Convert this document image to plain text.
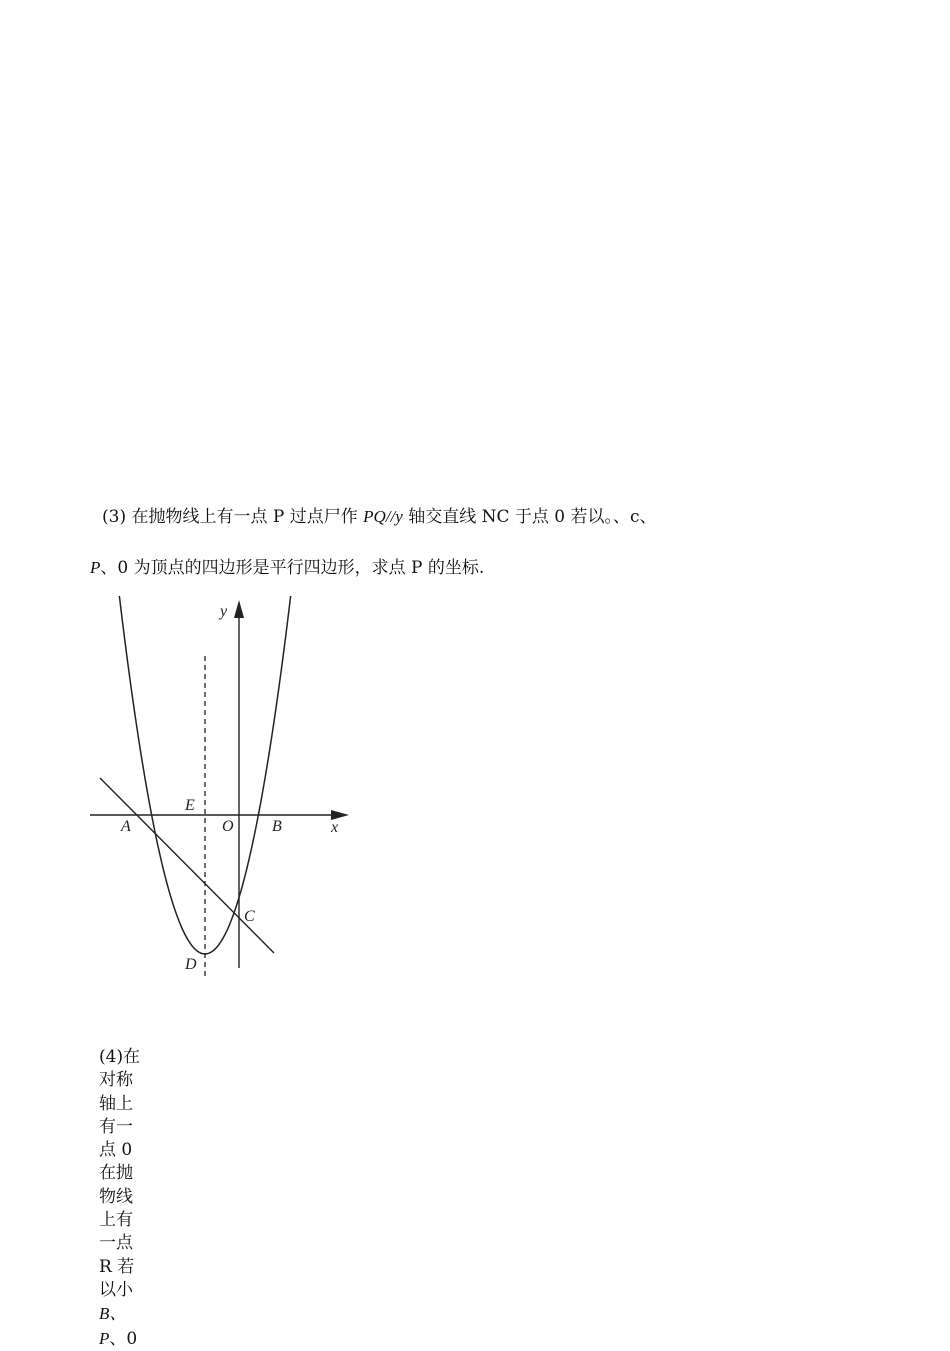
(3) 在抛物线上有一点 P 过点尸作 PQ//y 轴交直线 NC 于点 0 若以。、c、
P、0 为顶点的四边形是平行四边形，求点 P 的坐标.
y
x
E
A	O B
C
D
(4)在对称轴上有一点 0 在抛物线上有一点 R 若以小B、P、0
